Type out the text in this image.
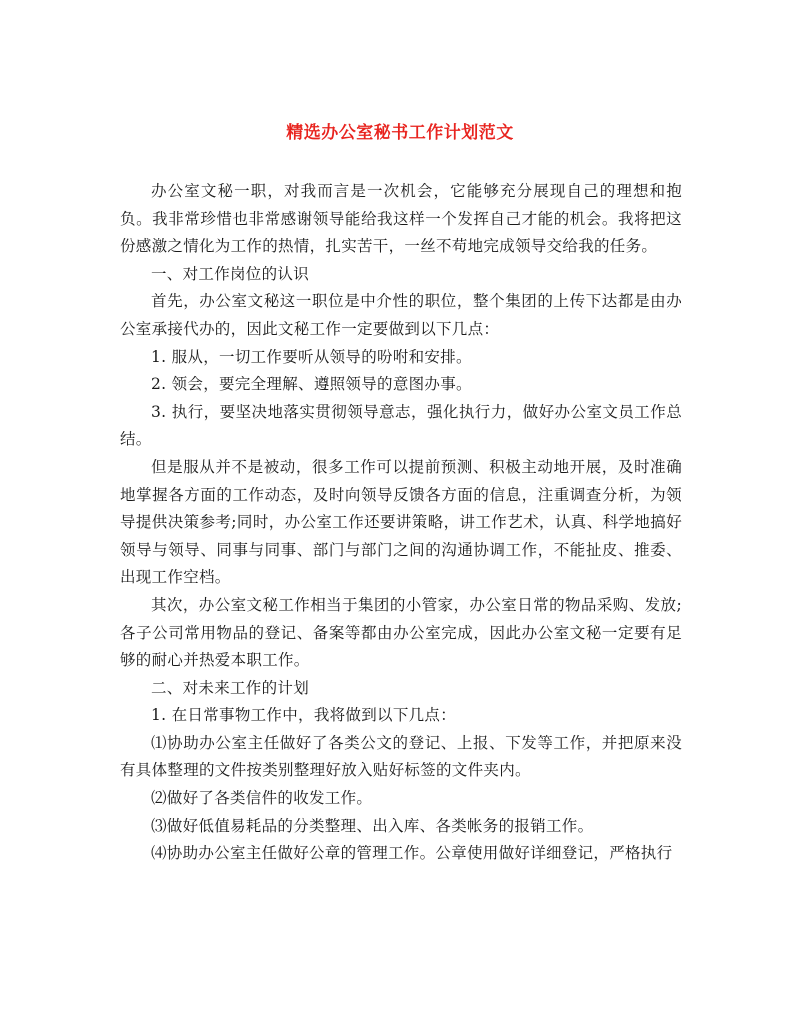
精选办公室秘书工作计划范文

办公室文秘一职，对我而言是一次机会，它能够充分展现自己的理想和抱负。我非常珍惜也非常感谢领导能给我这样一个发挥自己才能的机会。我将把这份感激之情化为工作的热情，扎实苦干，一丝不苟地完成领导交给我的任务。

一、对工作岗位的认识

首先，办公室文秘这一职位是中介性的职位，整个集团的上传下达都是由办公室承接代办的，因此文秘工作一定要做到以下几点：

1. 服从，一切工作要听从领导的吩咐和安排。

2. 领会，要完全理解、遵照领导的意图办事。

3. 执行，要坚决地落实贯彻领导意志，强化执行力，做好办公室文员工作总结。

但是服从并不是被动，很多工作可以提前预测、积极主动地开展，及时准确地掌握各方面的工作动态，及时向领导反馈各方面的信息，注重调查分析，为领导提供决策参考;同时，办公室工作还要讲策略，讲工作艺术，认真、科学地搞好领导与领导、同事与同事、部门与部门之间的沟通协调工作，不能扯皮、推委、出现工作空档。

其次，办公室文秘工作相当于集团的小管家，办公室日常的物品采购、发放;各子公司常用物品的登记、备案等都由办公室完成，因此办公室文秘一定要有足够的耐心并热爱本职工作。

二、对未来工作的计划

1. 在日常事物工作中，我将做到以下几点：

⑴协助办公室主任做好了各类公文的登记、上报、下发等工作，并把原来没有具体整理的文件按类别整理好放入贴好标签的文件夹内。

⑵做好了各类信件的收发工作。

⑶做好低值易耗品的分类整理、出入库、各类帐务的报销工作。

⑷协助办公室主任做好公章的管理工作。公章使用做好详细登记，严格执行
